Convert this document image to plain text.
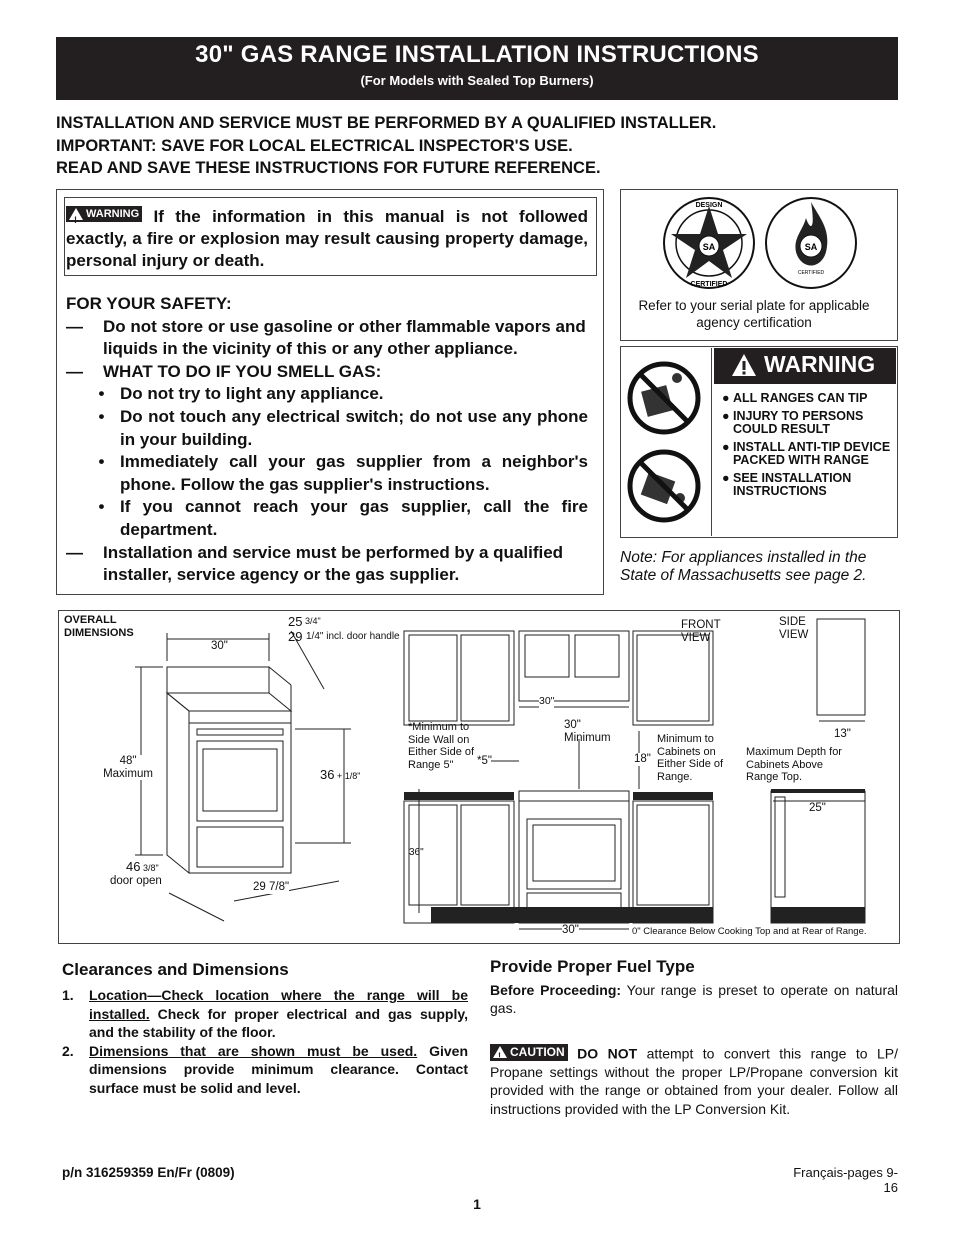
30" GAS RANGE INSTALLATION INSTRUCTIONS
(For Models with Sealed Top Burners)
INSTALLATION AND SERVICE MUST BE PERFORMED BY A QUALIFIED INSTALLER.
IMPORTANT: SAVE FOR LOCAL ELECTRICAL INSPECTOR'S USE.
READ AND SAVE THESE INSTRUCTIONS FOR FUTURE REFERENCE.
!
WARNING If the information in this manual is not followed exactly, a fire or explosion may result causing property damage, personal injury or death.
FOR YOUR SAFETY:
—	Do not store or use gasoline or other flammable vapors and liquids in the vicinity of this or any other appliance.
—	WHAT TO DO IF YOU SMELL GAS:
• Do not try to light any appliance.
• Do not touch any electrical switch; do not use any phone in your building.
• Immediately call your gas supplier from a neighbor's phone. Follow the gas supplier's instructions.
• If you cannot reach your gas supplier, call the fire department.
—	Installation and service must be performed by a qualified installer, service agency or the gas supplier.
SA
DESIGN
CERTIFIED
SA
CERTIFIED
Refer to your serial plate for applicable agency certification
WARNING
● ALL RANGES CAN TIP
● INJURY TO PERSONS COULD RESULT
● INSTALL ANTI-TIP DEVICE PACKED WITH RANGE
● SEE INSTALLATION INSTRUCTIONS
Note: For appliances installed in the State of Massachusetts see page 2.
OVERALL DIMENSIONS
30"
25 3/4"
29 1/4" incl. door handle
48" Maximum	36 + 1/8"
46 3/8"
door open	29 7/8"
FRONT VIEW
SIDE VIEW
30"
30" Minimum
*Minimum to Side Wall on Either Side of Range 5"	*5"	18"
Minimum to Cabinets on Either Side of Range.
36"
30"	0" Clearance Below Cooking Top and at Rear of Range.
13"
Maximum Depth for Cabinets Above Range Top.
25"
Clearances and Dimensions
1.	Location—Check location where the range will be installed. Check for proper electrical and gas supply, and the stability of the floor.
2.	Dimensions that are shown must be used. Given dimensions provide minimum clearance. Contact surface must be solid and level.
Provide Proper Fuel Type

Before Proceeding: Your range is preset to operate on natural gas.

!
CAUTION DO NOT attempt to convert this range to LP/ Propane settings without the proper LP/Propane conversion kit provided with the range or obtained from your dealer. Follow all instructions provided with the LP Conversion Kit.

p/n 316259359 En/Fr (0809)	Français-pages 9-16
1
